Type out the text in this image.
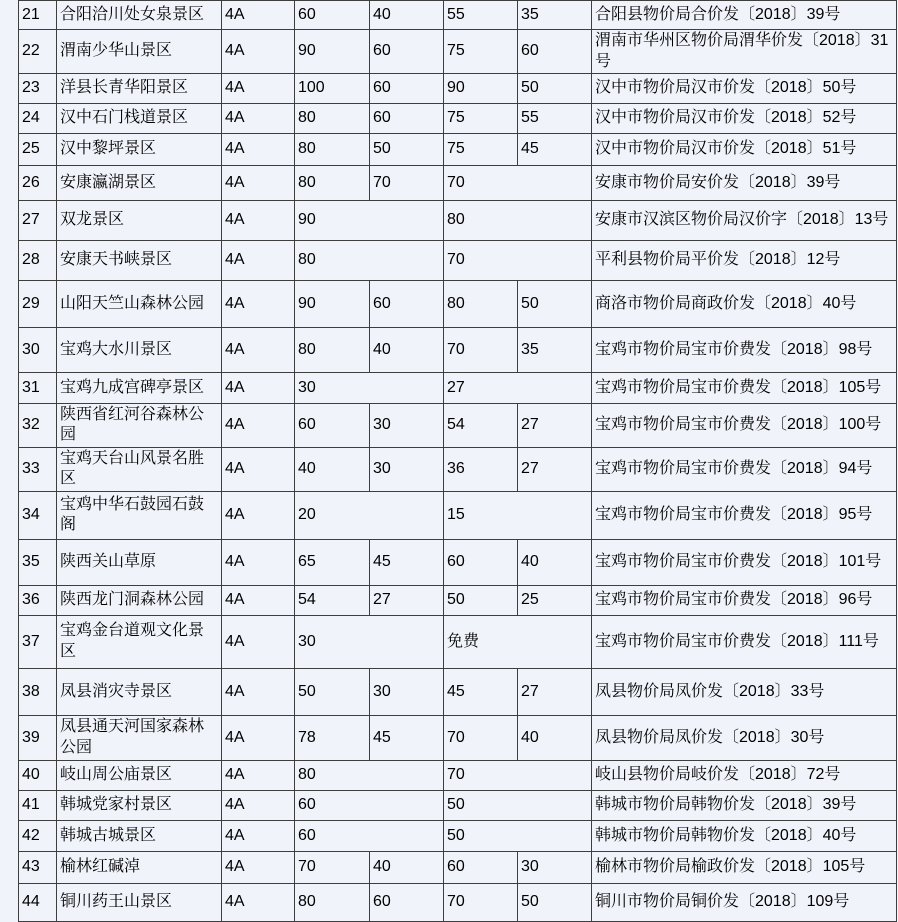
21	合阳洽川处女泉景区	4A	60	40	55	35	合阳县物价局合价发〔2018〕39号
22	渭南少华山景区	4A	90	60	75	60	渭南市华州区物价局渭华价发〔2018〕31号
23	洋县长青华阳景区	4A	100	60	90	50	汉中市物价局汉市价发〔2018〕50号
24	汉中石门栈道景区	4A	80	60	75	55	汉中市物价局汉市价发〔2018〕52号
25	汉中黎坪景区	4A	80	50	75	45	汉中市物价局汉市价发〔2018〕51号
26	安康瀛湖景区	4A	80	70	70		安康市物价局安价发〔2018〕39号
27	双龙景区	4A	90		80		安康市汉滨区物价局汉价字〔2018〕13号
28	安康天书峡景区	4A	80		70		平利县物价局平价发〔2018〕12号
29	山阳天竺山森林公园	4A	90	60	80	50	商洛市物价局商政价发〔2018〕40号
30	宝鸡大水川景区	4A	80	40	70	35	宝鸡市物价局宝市价费发〔2018〕98号
31	宝鸡九成宫碑亭景区	4A	30		27		宝鸡市物价局宝市价费发〔2018〕105号
32	陕西省红河谷森林公园	4A	60	30	54	27	宝鸡市物价局宝市价费发〔2018〕100号
33	宝鸡天台山风景名胜区	4A	40	30	36	27	宝鸡市物价局宝市价费发〔2018〕94号
34	宝鸡中华石鼓园石鼓阁	4A	20		15		宝鸡市物价局宝市价费发〔2018〕95号
35	陕西关山草原	4A	65	45	60	40	宝鸡市物价局宝市价费发〔2018〕101号
36	陕西龙门洞森林公园	4A	54	27	50	25	宝鸡市物价局宝市价费发〔2018〕96号
37	宝鸡金台道观文化景区	4A	30		免费		宝鸡市物价局宝市价费发〔2018〕111号
38	凤县消灾寺景区	4A	50	30	45	27	凤县物价局凤价发〔2018〕33号
39	凤县通天河国家森林公园	4A	78	45	70	40	凤县物价局凤价发〔2018〕30号
40	岐山周公庙景区	4A	80		70		岐山县物价局岐价发〔2018〕72号
41	韩城党家村景区	4A	60		50		韩城市物价局韩物价发〔2018〕39号
42	韩城古城景区	4A	60		50		韩城市物价局韩物价发〔2018〕40号
43	榆林红碱淖	4A	70	40	60	30	榆林市物价局榆政价发〔2018〕105号
44	铜川药王山景区	4A	80	60	70	50	铜川市物价局铜价发〔2018〕109号
